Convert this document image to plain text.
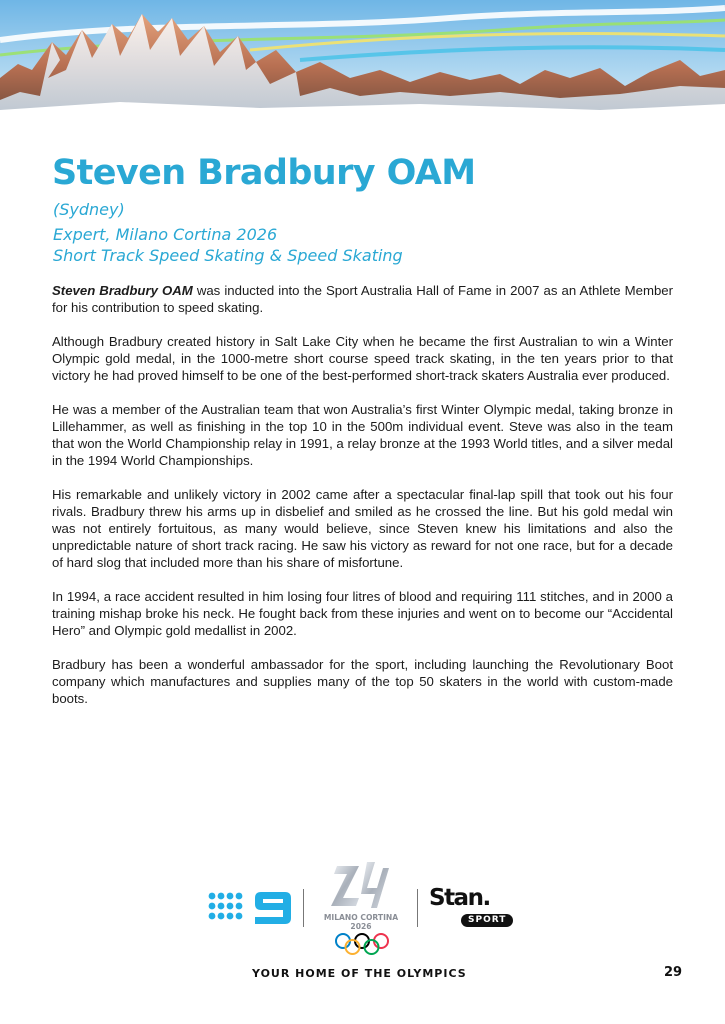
Steven Bradbury OAM

(Sydney)

Expert, Milano Cortina 2026

Short Track Speed Skating & Speed Skating

Steven Bradbury OAM was inducted into the Sport Australia Hall of Fame in 2007 as an Athlete Member for his contribution to speed skating.

Although Bradbury created history in Salt Lake City when he became the first Australian to win a Winter Olympic gold medal, in the 1000-metre short course speed track skating, in the ten years prior to that victory he had proved himself to be one of the best-performed short-track skaters Australia ever produced.

He was a member of the Australian team that won Australia’s first Winter Olympic medal, taking bronze in Lillehammer, as well as finishing in the top 10 in the 500m individual event. Steve was also in the team that won the World Championship relay in 1991, a relay bronze at the 1993 World titles, and a silver medal in the 1994 World Championships.

His remarkable and unlikely victory in 2002 came after a spectacular final-lap spill that took out his four rivals. Bradbury threw his arms up in disbelief and smiled as he crossed the line. But his gold medal win was not entirely fortuitous, as many would believe, since Steven knew his limitations and also the unpredictable nature of short track racing. He saw his victory as reward for not one race, but for a decade of hard slog that included more than his share of misfortune.

In 1994, a race accident resulted in him losing four litres of blood and requiring 111 stitches, and in 2000 a training mishap broke his neck. He fought back from these injuries and went on to become our “Accidental Hero” and Olympic gold medallist in 2002.

Bradbury has been a wonderful ambassador for the sport, including launching the Revolutionary Boot company which manufactures and supplies many of the top 50 skaters in the world with custom-made boots.

MILANO CORTINA
2026
Stan.
SPORT
YOUR HOME OF THE OLYMPICS	29
